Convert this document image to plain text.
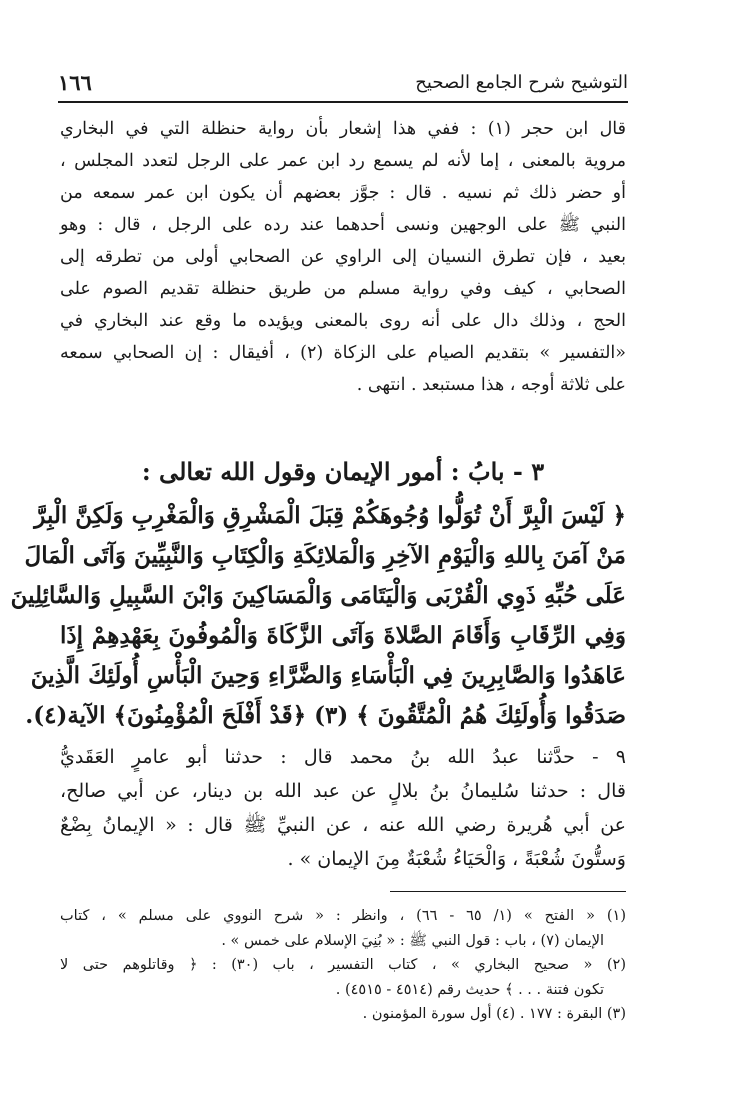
١٦٦	التوشيح شرح الجامع الصحيح
قال ابن حجر (١) : ففي هذا إشعار بأن رواية حنظلة التي في البخاري
مروية بالمعنى ، إما لأنه لم يسمع رد ابن عمر على الرجل لتعدد المجلس ،
أو حضر ذلك ثم نسيه . قال : جوَّز بعضهم أن يكون ابن عمر سمعه من
النبي ﷺ على الوجهين ونسى أحدهما عند رده على الرجل ، قال : وهو
بعيد ، فإن تطرق النسيان إلى الراوي عن الصحابي أولى من تطرقه إلى
الصحابي ، كيف وفي رواية مسلم من طريق حنظلة تقديم الصوم على
الحج ، وذلك دال على أنه روى بالمعنى ويؤيده ما وقع عند البخاري في
«التفسير » بتقديم الصيام على الزكاة (٢) ، أفيقال : إن الصحابي سمعه
على ثلاثة أوجه ، هذا مستبعد . انتهى .
٣ - بابُ : أمور الإيمان وقول الله تعالى :
﴿ لَيْسَ الْبِرَّ أَنْ تُوَلُّوا وُجُوهَكُمْ قِبَلَ الْمَشْرِقِ وَالْمَغْرِبِ وَلَكِنَّ الْبِرَّ
مَنْ آمَنَ بِاللهِ وَالْيَوْمِ الآخِرِ وَالْمَلائِكَةِ وَالْكِتَابِ وَالنَّبِيِّينَ وَآتَى الْمَالَ
عَلَى حُبِّهِ ذَوِي الْقُرْبَى وَالْيَتَامَى وَالْمَسَاكِينَ وَابْنَ السَّبِيلِ وَالسَّائِلِينَ
وَفِي الرِّقَابِ وَأَقَامَ الصَّلاةَ وَآتَى الزَّكَاةَ وَالْمُوفُونَ بِعَهْدِهِمْ إِذَا
عَاهَدُوا وَالصَّابِرِينَ فِي الْبَأْسَاءِ وَالضَّرَّاءِ وَحِينَ الْبَأْسِ أُولَئِكَ الَّذِينَ
صَدَقُوا وَأُولَئِكَ هُمُ الْمُتَّقُونَ ﴾ (٣) ﴿قَدْ أَفْلَحَ الْمُؤْمِنُونَ﴾ الآية(٤).
٩ - حدَّثنا عبدُ الله بنُ محمد قال : حدثنا أبو عامرٍ العَقَديُّ
قال : حدثنا سُليمانُ بنُ بلالٍ عن عبد الله بن دينار، عن أبي صالح،
عن أبي هُريرة رضي الله عنه ، عن النبيِّ ﷺ قال : « الإيمانُ بِضْعٌ
وَستُّونَ شُعْبَةً ، وَالْحَيَاءُ شُعْبَةٌ مِنَ الإيمان » .
(١) « الفتح » (١/ ٦٥ - ٦٦) ، وانظر : « شرح النووي على مسلم » ، كتاب
الإيمان (٧) ، باب : قول النبي ﷺ : « بُنِيَ الإسلام على خمس » .
(٢) « صحيح البخاري » ، كتاب التفسير ، باب (٣٠) : ﴿ وقاتلوهم حتى لا
تكون فتنة . . . ﴾ حديث رقم (٤٥١٤ - ٤٥١٥) .
(٣) البقرة : ١٧٧ . (٤) أول سورة المؤمنون .
